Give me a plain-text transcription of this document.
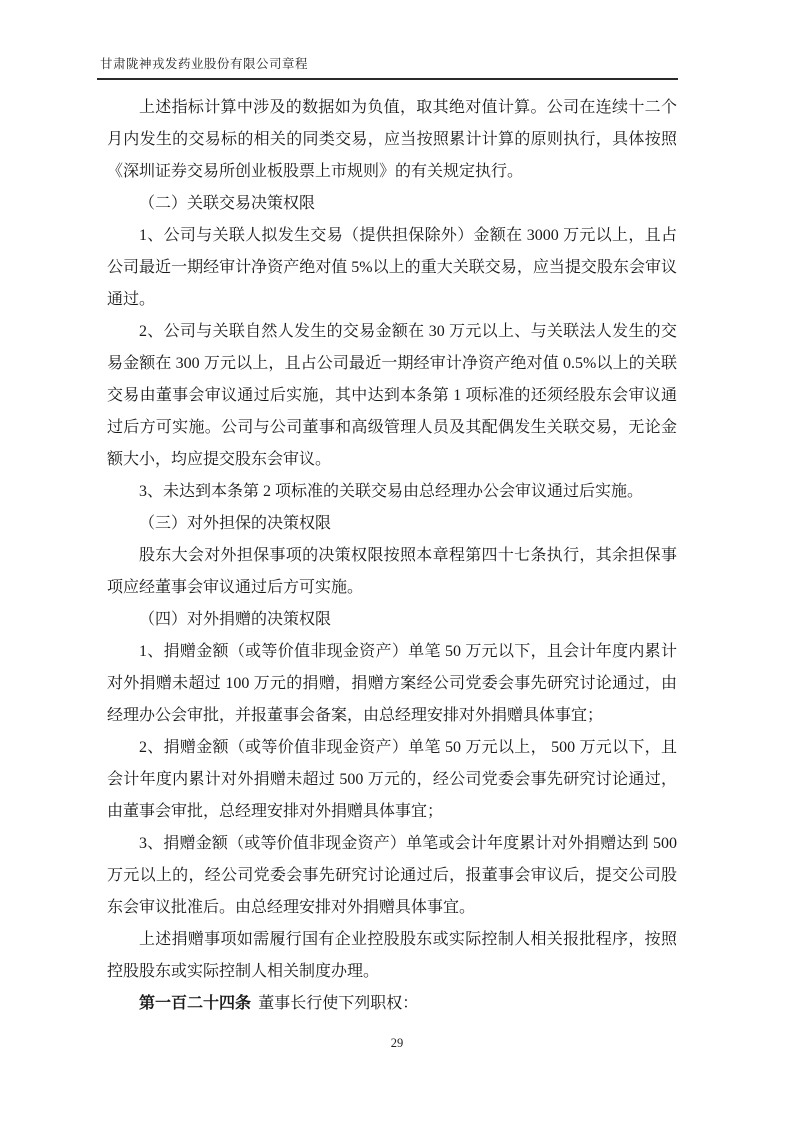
甘肃陇神戎发药业股份有限公司章程

上述指标计算中涉及的数据如为负值，取其绝对值计算。公司在连续十二个月内发生的交易标的相关的同类交易，应当按照累计计算的原则执行，具体按照《深圳证券交易所创业板股票上市规则》的有关规定执行。

（二）关联交易决策权限

1、公司与关联人拟发生交易（提供担保除外）金额在 3000 万元以上，且占公司最近一期经审计净资产绝对值 5%以上的重大关联交易，应当提交股东会审议通过。

2、公司与关联自然人发生的交易金额在 30 万元以上、与关联法人发生的交易金额在 300 万元以上，且占公司最近一期经审计净资产绝对值 0.5%以上的关联交易由董事会审议通过后实施，其中达到本条第 1 项标准的还须经股东会审议通过后方可实施。公司与公司董事和高级管理人员及其配偶发生关联交易，无论金额大小，均应提交股东会审议。

3、未达到本条第 2 项标准的关联交易由总经理办公会审议通过后实施。

（三）对外担保的决策权限

股东大会对外担保事项的决策权限按照本章程第四十七条执行，其余担保事项应经董事会审议通过后方可实施。

（四）对外捐赠的决策权限

1、捐赠金额（或等价值非现金资产）单笔 50 万元以下，且会计年度内累计对外捐赠未超过 100 万元的捐赠，捐赠方案经公司党委会事先研究讨论通过，由经理办公会审批，并报董事会备案，由总经理安排对外捐赠具体事宜；

2、捐赠金额（或等价值非现金资产）单笔 50 万元以上， 500 万元以下，且会计年度内累计对外捐赠未超过 500 万元的，经公司党委会事先研究讨论通过，由董事会审批，总经理安排对外捐赠具体事宜；

3、捐赠金额（或等价值非现金资产）单笔或会计年度累计对外捐赠达到 500 万元以上的，经公司党委会事先研究讨论通过后，报董事会审议后，提交公司股东会审议批准后。由总经理安排对外捐赠具体事宜。

上述捐赠事项如需履行国有企业控股股东或实际控制人相关报批程序，按照控股股东或实际控制人相关制度办理。

第一百二十四条 董事长行使下列职权：

29
